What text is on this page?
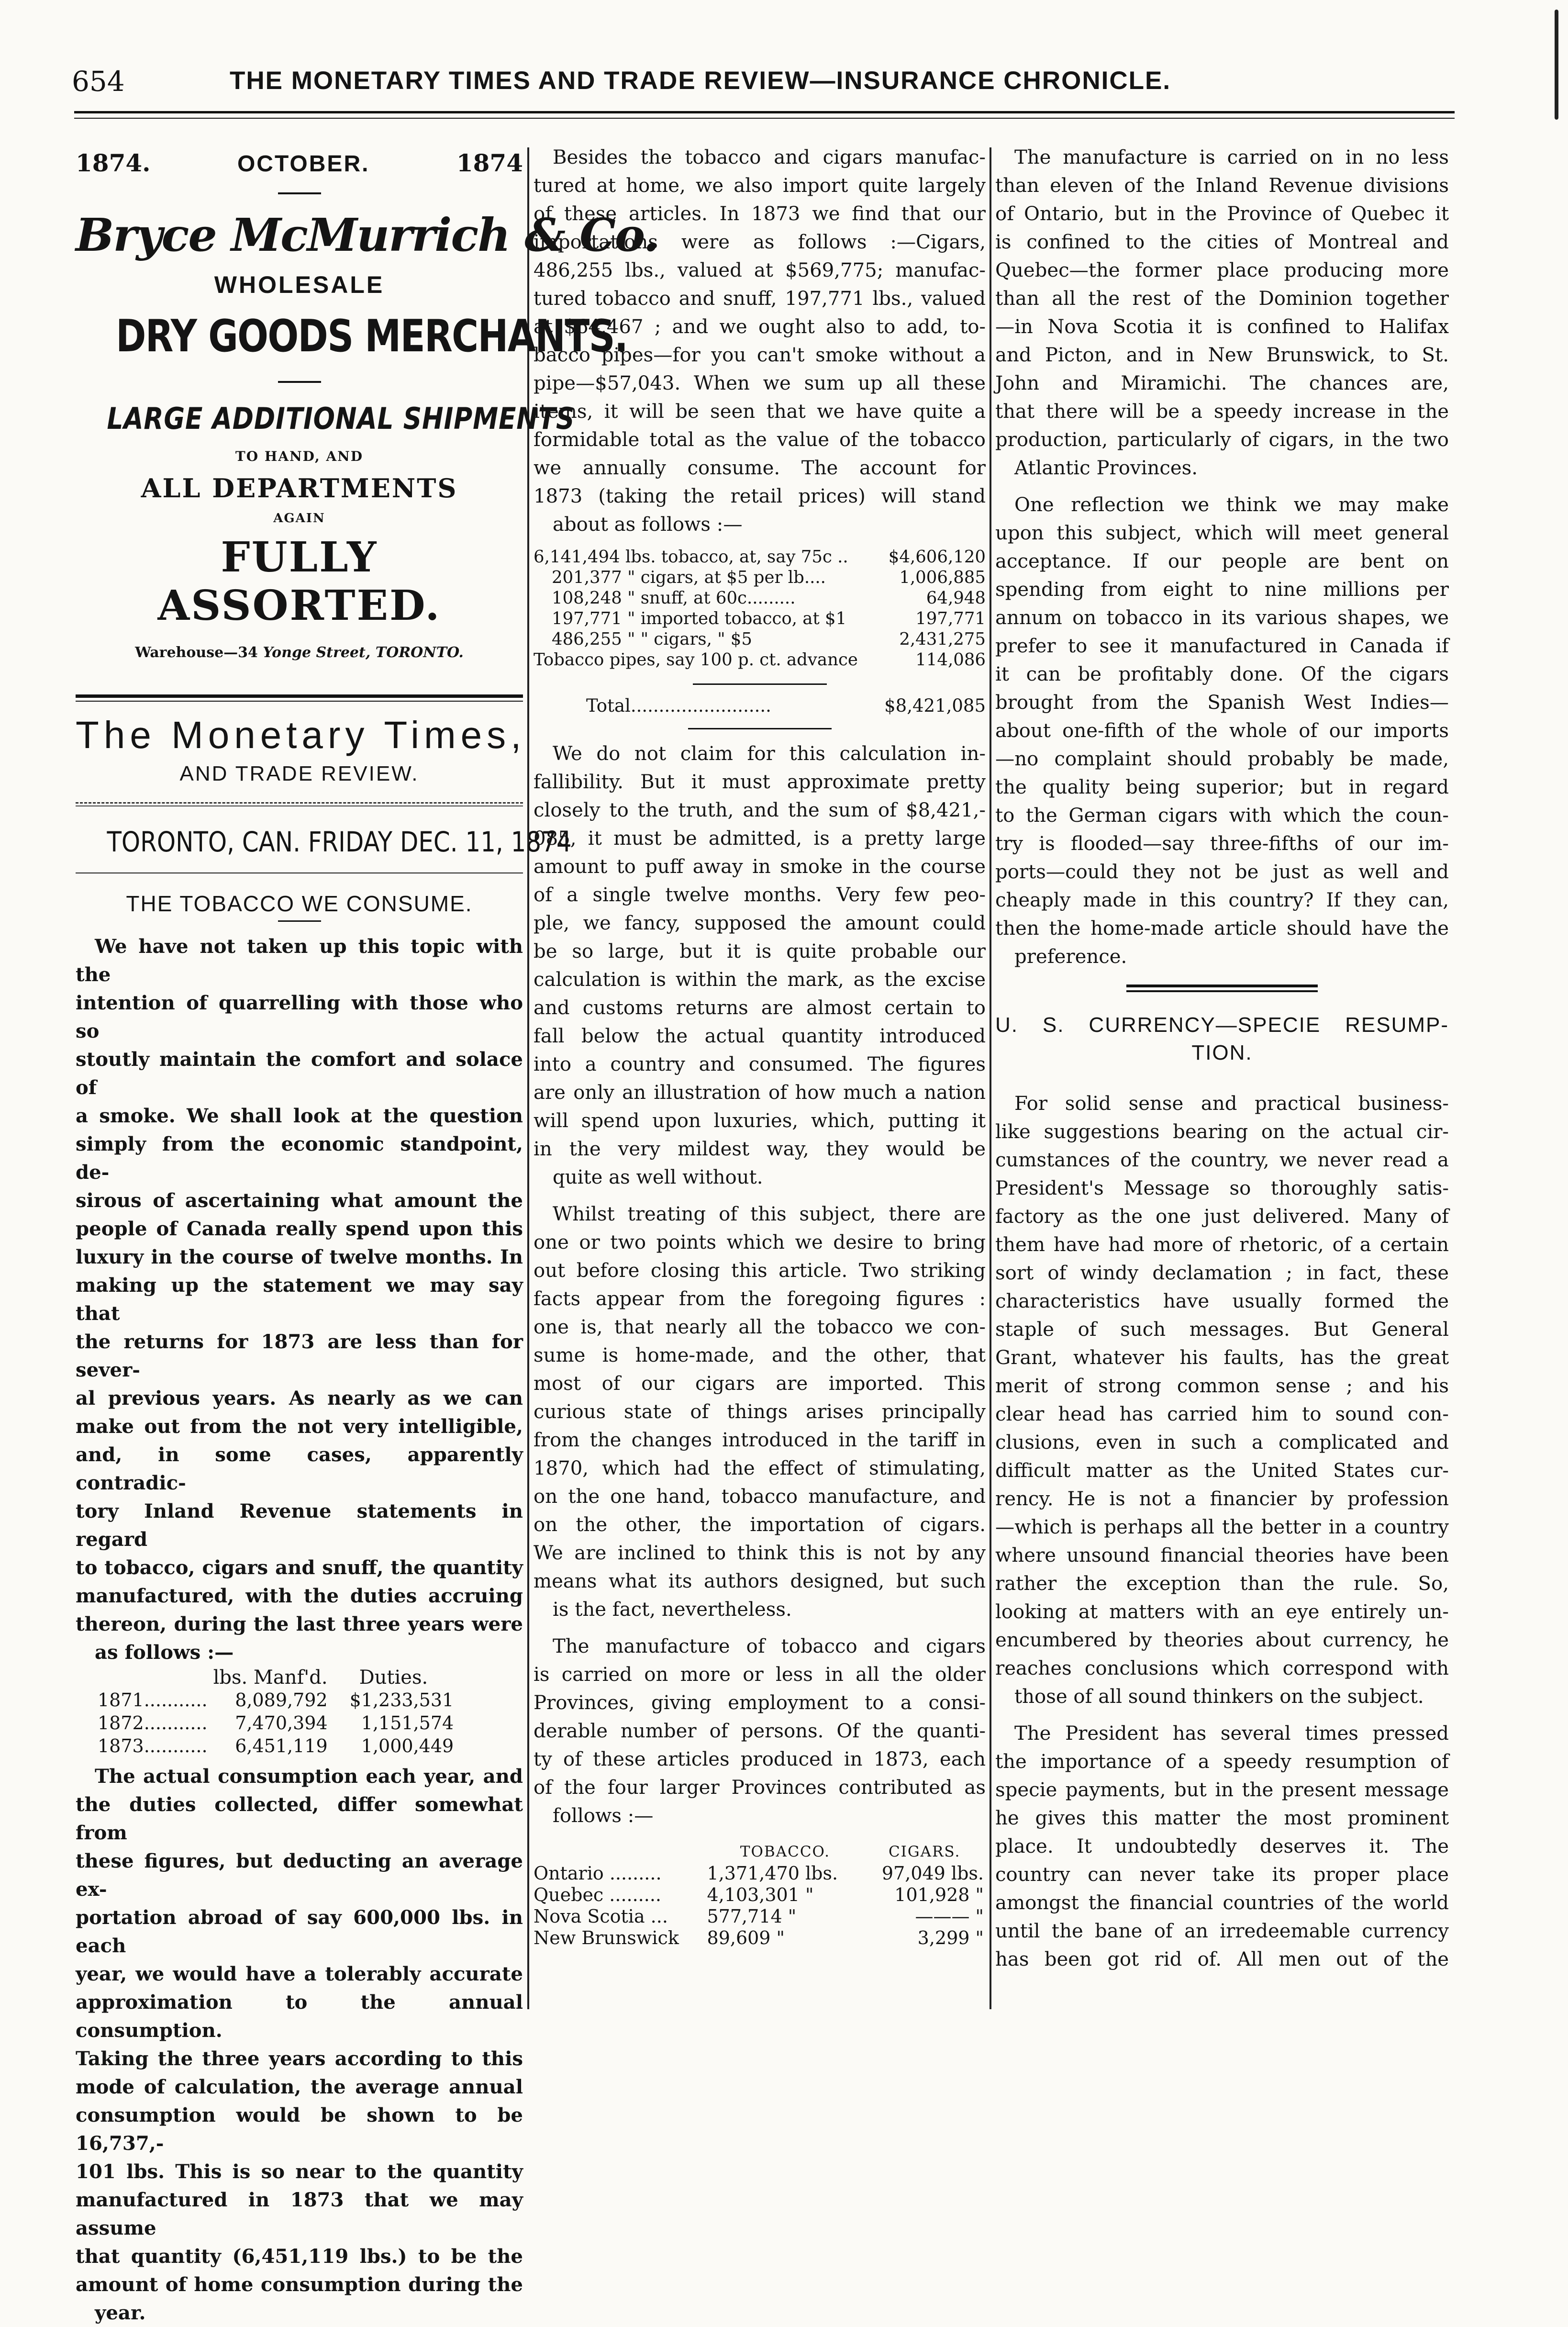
654	THE MONETARY TIMES AND TRADE REVIEW—INSURANCE CHRONICLE.
1874.	OCTOBER.	1874
Bryce McMurrich & Co.
WHOLESALE
DRY GOODS MERCHANTS.
LARGE ADDITIONAL SHIPMENTS
TO HAND, AND
ALL DEPARTMENTS
AGAIN
FULLY ASSORTED.
Warehouse—34 Yonge Street, TORONTO.
The Monetary Times,
AND TRADE REVIEW.
TORONTO, CAN. FRIDAY DEC. 11, 1874
THE TOBACCO WE CONSUME.

We have not taken up this topic with the
intention of quarrelling with those who so
stoutly maintain the comfort and solace of
a smoke. We shall look at the question
simply from the economic standpoint, de-
sirous of ascertaining what amount the
people of Canada really spend upon this
luxury in the course of twelve months. In
making up the statement we may say that
the returns for 1873 are less than for sever-
al previous years. As nearly as we can
make out from the not very intelligible,
and, in some cases, apparently contradic-
tory Inland Revenue statements in regard
to tobacco, cigars and snuff, the quantity
manufactured, with the duties accruing
thereon, during the last three years were
as follows :—

	lbs. Manf'd.	Duties.
1871...........	8,089,792	$1,233,531
1872...........	7,470,394	1,151,574
1873...........	6,451,119	1,000,449

The actual consumption each year, and
the duties collected, differ somewhat from
these figures, but deducting an average ex-
portation abroad of say 600,000 lbs. in each
year, we would have a tolerably accurate
approximation to the annual consumption.
Taking the three years according to this
mode of calculation, the average annual
consumption would be shown to be 16,737,-
101 lbs. This is so near to the quantity
manufactured in 1873 that we may assume
that quantity (6,451,119 lbs.) to be the
amount of home consumption during the
year.

Besides the tobacco and cigars manufac-
tured at home, we also import quite largely
of these articles. In 1873 we find that our
importations were as follows :—Cigars,
486,255 lbs., valued at $569,775; manufac-
tured tobacco and snuff, 197,771 lbs., valued
at $64,467 ; and we ought also to add, to-
bacco pipes—for you can't smoke without a
pipe—$57,043. When we sum up all these
items, it will be seen that we have quite a
formidable total as the value of the tobacco
we annually consume. The account for
1873 (taking the retail prices) will stand
about as follows :—

6,141,494 lbs. tobacco, at, say 75c ..	$4,606,120
201,377 " cigars, at $5 per lb....	1,006,885
108,248 " snuff, at 60c.........	64,948
197,771 " imported tobacco, at $1	197,771
486,255 " " cigars, " $5	2,431,275
Tobacco pipes, say 100 p. ct. advance	114,086
Total.........................	$8,421,085

We do not claim for this calculation in-
fallibility. But it must approximate pretty
closely to the truth, and the sum of $8,421,-
085, it must be admitted, is a pretty large
amount to puff away in smoke in the course
of a single twelve months. Very few peo-
ple, we fancy, supposed the amount could
be so large, but it is quite probable our
calculation is within the mark, as the excise
and customs returns are almost certain to
fall below the actual quantity introduced
into a country and consumed. The figures
are only an illustration of how much a nation
will spend upon luxuries, which, putting it
in the very mildest way, they would be
quite as well without.

Whilst treating of this subject, there are
one or two points which we desire to bring
out before closing this article. Two striking
facts appear from the foregoing figures :
one is, that nearly all the tobacco we con-
sume is home-made, and the other, that
most of our cigars are imported. This
curious state of things arises principally
from the changes introduced in the tariff in
1870, which had the effect of stimulating,
on the one hand, tobacco manufacture, and
on the other, the importation of cigars.
We are inclined to think this is not by any
means what its authors designed, but such
is the fact, nevertheless.

The manufacture of tobacco and cigars
is carried on more or less in all the older
Provinces, giving employment to a consi-
derable number of persons. Of the quanti-
ty of these articles produced in 1873, each
of the four larger Provinces contributed as
follows :—

	TOBACCO.	CIGARS.
Ontario .........	1,371,470 lbs.	97,049 lbs.
Quebec .........	4,103,301 "	101,928 "
Nova Scotia ...	577,714 "	——— "
New Brunswick	89,609 "	3,299 "

The manufacture is carried on in no less
than eleven of the Inland Revenue divisions
of Ontario, but in the Province of Quebec it
is confined to the cities of Montreal and
Quebec—the former place producing more
than all the rest of the Dominion together
—in Nova Scotia it is confined to Halifax
and Picton, and in New Brunswick, to St.
John and Miramichi. The chances are,
that there will be a speedy increase in the
production, particularly of cigars, in the two
Atlantic Provinces.

One reflection we think we may make
upon this subject, which will meet general
acceptance. If our people are bent on
spending from eight to nine millions per
annum on tobacco in its various shapes, we
prefer to see it manufactured in Canada if
it can be profitably done. Of the cigars
brought from the Spanish West Indies—
about one-fifth of the whole of our imports
—no complaint should probably be made,
the quality being superior; but in regard
to the German cigars with which the coun-
try is flooded—say three-fifths of our im-
ports—could they not be just as well and
cheaply made in this country? If they can,
then the home-made article should have the
preference.

U. S. CURRENCY—SPECIE RESUMP-
TION.

For solid sense and practical business-
like suggestions bearing on the actual cir-
cumstances of the country, we never read a
President's Message so thoroughly satis-
factory as the one just delivered. Many of
them have had more of rhetoric, of a certain
sort of windy declamation ; in fact, these
characteristics have usually formed the
staple of such messages. But General
Grant, whatever his faults, has the great
merit of strong common sense ; and his
clear head has carried him to sound con-
clusions, even in such a complicated and
difficult matter as the United States cur-
rency. He is not a financier by profession
—which is perhaps all the better in a country
where unsound financial theories have been
rather the exception than the rule. So,
looking at matters with an eye entirely un-
encumbered by theories about currency, he
reaches conclusions which correspond with
those of all sound thinkers on the subject.

The President has several times pressed
the importance of a speedy resumption of
specie payments, but in the present message
he gives this matter the most prominent
place. It undoubtedly deserves it. The
country can never take its proper place
amongst the financial countries of the world
until the bane of an irredeemable currency
has been got rid of. All men out of the
